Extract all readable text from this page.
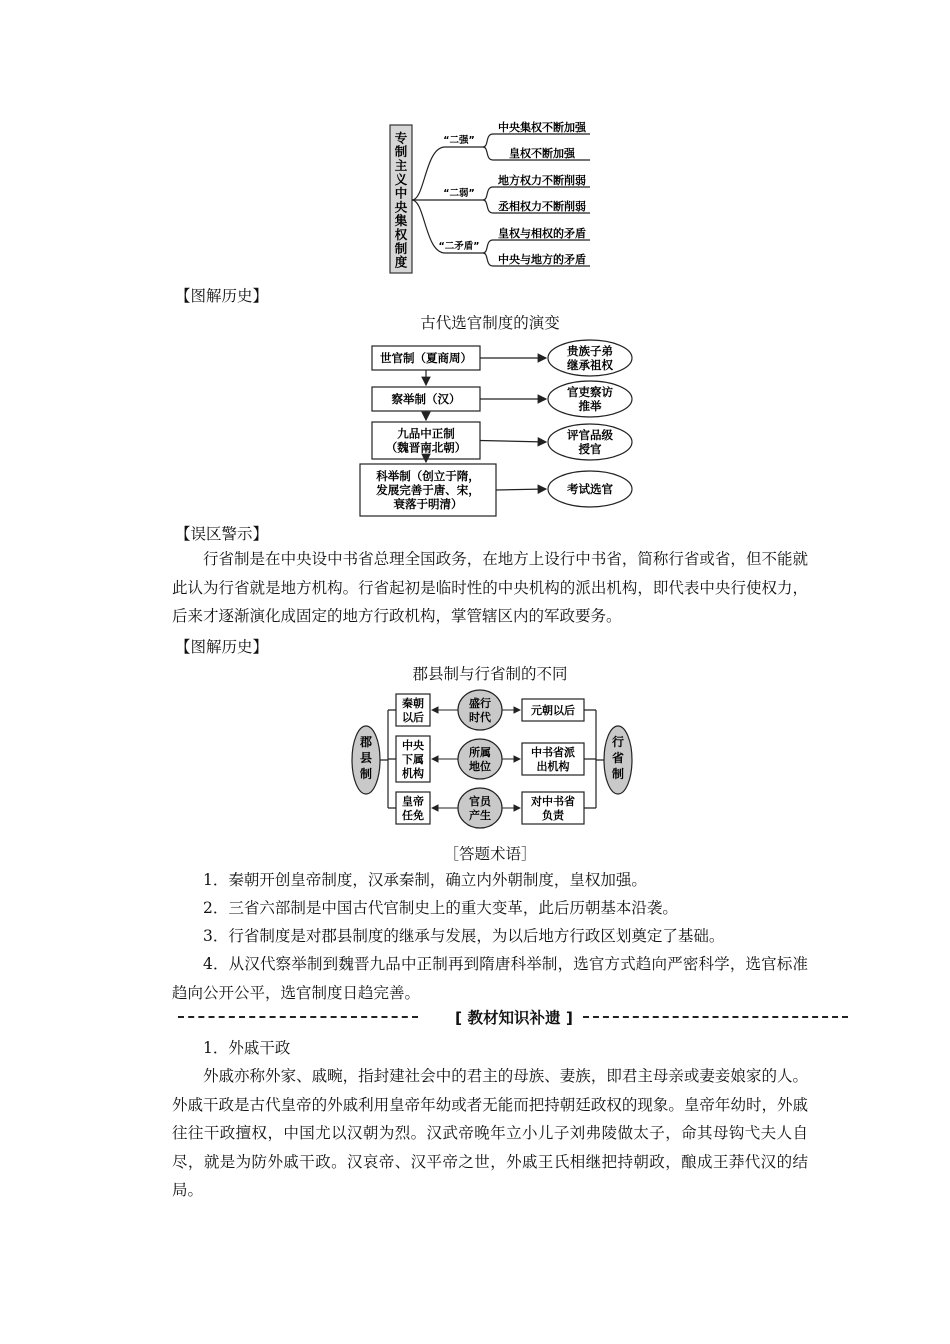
专
制
主
义
中
央
集
权
制
度
“二强”
“二弱”
“二矛盾”
中央集权不断加强
皇权不断加强
地方权力不断削弱
丞相权力不断削弱
皇权与相权的矛盾
中央与地方的矛盾
【图解历史】
古代选官制度的演变
世官制（夏商周）	贵族子弟
继承祖权
察举制（汉）	官吏察访
推举
九品中正制
（魏晋南北朝）
评官品级
授官
科举制（创立于隋，
发展完善于唐、宋，
衰落于明清）
考试选官
【误区警示】
行省制是在中央设中书省总理全国政务，在地方上设行中书省，简称行省或省，但不能就此认为行省就是地方机构。行省起初是临时性的中央机构的派出机构，即代表中央行使权力，后来才逐渐演化成固定的地方行政机构，掌管辖区内的军政要务。
【图解历史】
郡县制与行省制的不同
郡
县
制
行
省
制
秦朝
以后
盛行
时代
元朝以后
中央
下属
机构
所属
地位
中书省派
出机构
皇帝
任免
官员
产生
对中书省
负责
［答题术语］
1．秦朝开创皇帝制度，汉承秦制，确立内外朝制度，皇权加强。
2．三省六部制是中国古代官制史上的重大变革，此后历朝基本沿袭。
3．行省制度是对郡县制度的继承与发展，为以后地方行政区划奠定了基础。
4．从汉代察举制到魏晋九品中正制再到隋唐科举制，选官方式趋向严密科学，选官标准趋向公开公平，选官制度日趋完善。
[ 教材知识补遗 ]
1．外戚干政
外戚亦称外家、戚畹，指封建社会中的君主的母族、妻族，即君主母亲或妻妾娘家的人。外戚干政是古代皇帝的外戚利用皇帝年幼或者无能而把持朝廷政权的现象。皇帝年幼时，外戚往往干政擅权，中国尤以汉朝为烈。汉武帝晚年立小儿子刘弗陵做太子，命其母钩弋夫人自尽，就是为防外戚干政。汉哀帝、汉平帝之世，外戚王氏相继把持朝政，酿成王莽代汉的结局。
